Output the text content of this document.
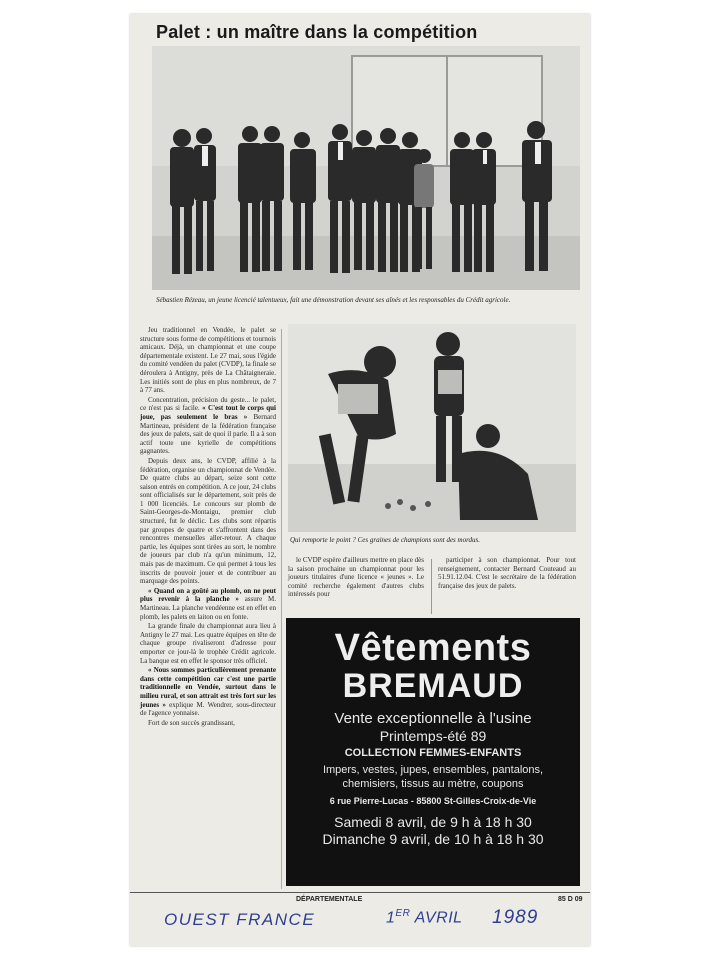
Palet : un maître dans la compétition
Sébastien Rézeau, un jeune licencié talentueux, fait une démonstration devant ses aînés et les responsables du Crédit agricole.

Jeu traditionnel en Vendée, le palet se structure sous forme de compétitions et tournois amicaux. Déjà, un championnat et une coupe départementale existent. Le 27 mai, sous l'égide du comité vendéen du palet (CVDP), la finale se déroulera à Antigny, près de La Châtaigneraie. Les initiés sont de plus en plus nombreux, de 7 à 77 ans.

Concentration, précision du geste... le palet, ce n'est pas si facile. « C'est tout le corps qui joue, pas seulement le bras » Bernard Martineau, président de la fédération française des jeux de palets, sait de quoi il parle. Il a à son actif toute une kyrielle de compétitions gagnantes.

Depuis deux ans, le CVDP, affilié à la fédération, organise un championnat de Vendée. De quatre clubs au départ, seize sont cette saison entrés en compétition. A ce jour, 24 clubs sont officialisés sur le département, soit près de 1 000 licenciés. Le concours sur plomb de Saint-Georges-de-Montaigu, premier club structuré, fut le déclic. Les clubs sont répartis par groupes de quatre et s'affrontent dans des rencontres mensuelles aller-retour. A chaque partie, les équipes sont tirées au sort, le nombre de joueurs par club n'a qu'un minimum, 12, mais pas de maximum. Ce qui permet à tous les inscrits de pouvoir jouer et de contribuer au marquage des points.

« Quand on a goûté au plomb, on ne peut plus revenir à la planche » assure M. Martineau. La planche vendéenne est en effet en plomb, les palets en laiton ou en fonte.

La grande finale du championnat aura lieu à Antigny le 27 mai. Les quatre équipes en tête de chaque groupe rivaliseront d'adresse pour emporter ce jour-là le trophée Crédit agricole. La banque est en effet le sponsor très officiel.

« Nous sommes particulièrement prenante dans cette compétition car c'est une partie traditionnelle en Vendée, surtout dans le milieu rural, et son attrait est très fort sur les jeunes » explique M. Wendrer, sous-directeur de l'agence yonnaise.

Fort de son succès grandissant,

Qui remporte le point ? Ces graines de champions sont des mordus.

le CVDP espère d'ailleurs mettre en place dès la saison prochaine un championnat pour les joueurs titulaires d'une licence « jeunes ». Le comité recherche également d'autres clubs intéressés pour

participer à son championnat. Pour tout renseignement, contacter Bernard Couteaud au 51.91.12.04. C'est le secrétaire de la fédération française des jeux de palets.

Vêtements
BREMAUD
Vente exceptionnelle à l'usine
Printemps-été 89
COLLECTION FEMMES-ENFANTS
Impers, vestes, jupes, ensembles, pantalons,
chemisiers, tissus au mètre, coupons
6 rue Pierre-Lucas - 85800 St-Gilles-Croix-de-Vie
Samedi 8 avril, de 9 h à 18 h 30
Dimanche 9 avril, de 10 h à 18 h 30
DÉPARTEMENTALE	85 D 09
OUEST FRANCE	1ER AVRIL 1989
